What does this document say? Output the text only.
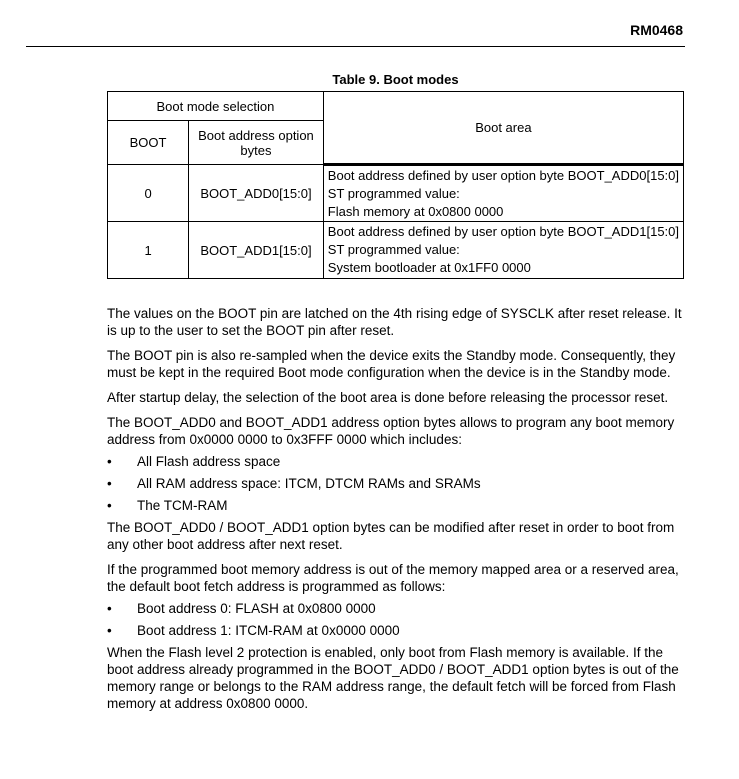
RM0468
Table 9. Boot modes
Boot mode selection		Boot area
BOOT	Boot address option bytes	
0	BOOT_ADD0[15:0]	Boot address defined by user option byte BOOT_ADD0[15:0]
ST programmed value:
Flash memory at 0x0800 0000

1	BOOT_ADD1[15:0]	Boot address defined by user option byte BOOT_ADD1[15:0]
ST programmed value:
System bootloader at 0x1FF0 0000

The values on the BOOT pin are latched on the 4th rising edge of SYSCLK after reset release. It is up to the user to set the BOOT pin after reset.

The BOOT pin is also re-sampled when the device exits the Standby mode. Consequently, they must be kept in the required Boot mode configuration when the device is in the Standby mode.

After startup delay, the selection of the boot area is done before releasing the processor reset.

The BOOT_ADD0 and BOOT_ADD1 address option bytes allows to program any boot memory address from 0x0000 0000 to 0x3FFF 0000 which includes:

• All Flash address space
• All RAM address space: ITCM, DTCM RAMs and SRAMs
• The TCM-RAM

The BOOT_ADD0 / BOOT_ADD1 option bytes can be modified after reset in order to boot from any other boot address after next reset.

If the programmed boot memory address is out of the memory mapped area or a reserved area, the default boot fetch address is programmed as follows:

• Boot address 0: FLASH at 0x0800 0000
• Boot address 1: ITCM-RAM at 0x0000 0000

When the Flash level 2 protection is enabled, only boot from Flash memory is available. If the boot address already programmed in the BOOT_ADD0 / BOOT_ADD1 option bytes is out of the memory range or belongs to the RAM address range, the default fetch will be forced from Flash memory at address 0x0800 0000.
